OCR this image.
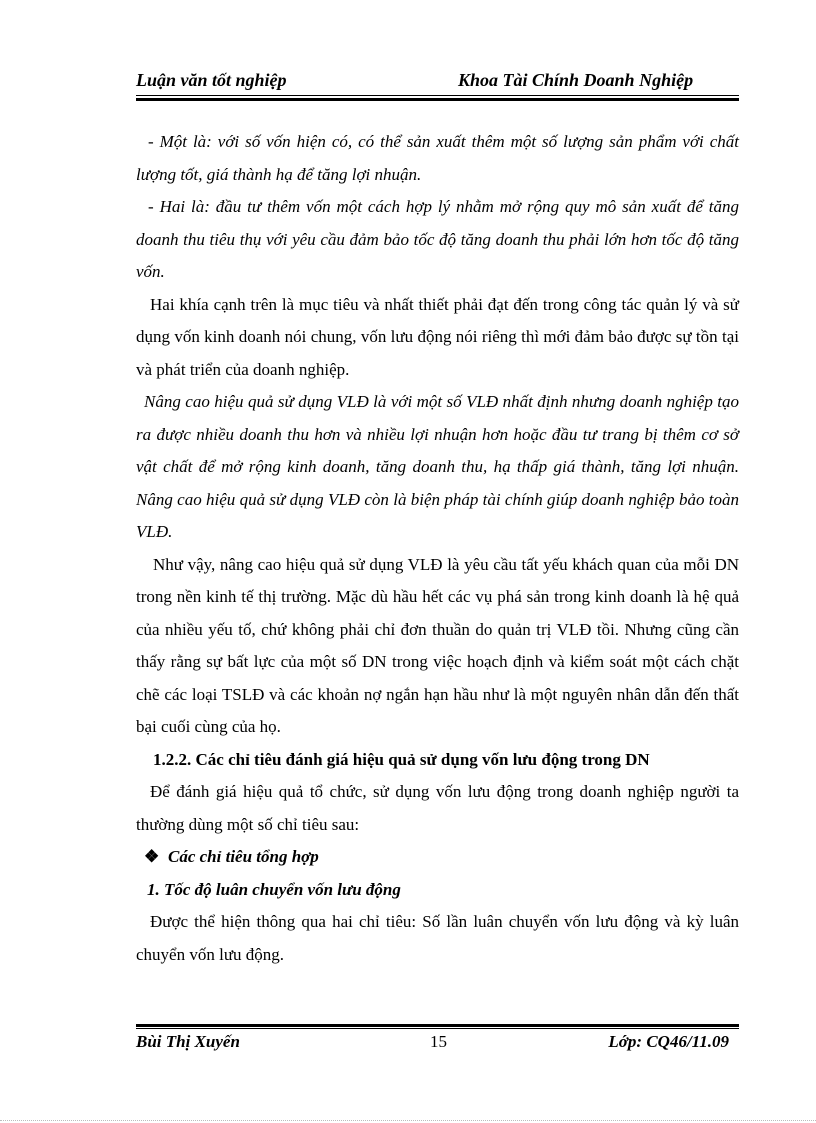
Luận văn tốt nghiệp	Khoa Tài Chính Doanh Nghiệp

- Một là: với số vốn hiện có, có thể sản xuất thêm một số lượng sản phẩm với chất lượng tốt, giá thành hạ để tăng lợi nhuận.

- Hai là: đầu tư thêm vốn một cách hợp lý nhằm mở rộng quy mô sản xuất để tăng doanh thu tiêu thụ với yêu cầu đảm bảo tốc độ tăng doanh thu phải lớn hơn tốc độ tăng vốn.

Hai khía cạnh trên là mục tiêu và nhất thiết phải đạt đến trong công tác quản lý và sử dụng vốn kinh doanh nói chung, vốn lưu động nói riêng thì mới đảm bảo được sự tồn tại và phát triển của doanh nghiệp.

Nâng cao hiệu quả sử dụng VLĐ là với một số VLĐ nhất định nhưng doanh nghiệp tạo ra được nhiều doanh thu hơn và nhiều lợi nhuận hơn hoặc đầu tư trang bị thêm cơ sở vật chất để mở rộng kinh doanh, tăng doanh thu, hạ thấp giá thành, tăng lợi nhuận. Nâng cao hiệu quả sử dụng VLĐ còn là biện pháp tài chính giúp doanh nghiệp bảo toàn VLĐ.

Như vậy, nâng cao hiệu quả sử dụng VLĐ là yêu cầu tất yếu khách quan của mỗi DN trong nền kinh tế thị trường. Mặc dù hầu hết các vụ phá sản trong kinh doanh là hệ quả của nhiều yếu tố, chứ không phải chỉ đơn thuần do quản trị VLĐ tồi. Nhưng cũng cần thấy rằng sự bất lực của một số DN trong việc hoạch định và kiểm soát một cách chặt chẽ các loại TSLĐ và các khoản nợ ngắn hạn hầu như là một nguyên nhân dẫn đến thất bại cuối cùng của họ.

1.2.2. Các chỉ tiêu đánh giá hiệu quả sử dụng vốn lưu động trong DN

Để đánh giá hiệu quả tổ chức, sử dụng vốn lưu động trong doanh nghiệp người ta thường dùng một số chỉ tiêu sau:

❖ Các chỉ tiêu tổng hợp

1. Tốc độ luân chuyển vốn lưu động

Được thể hiện thông qua hai chỉ tiêu: Số lần luân chuyển vốn lưu động và kỳ luân chuyển vốn lưu động.

Bùi Thị Xuyến	15	Lớp: CQ46/11.09
